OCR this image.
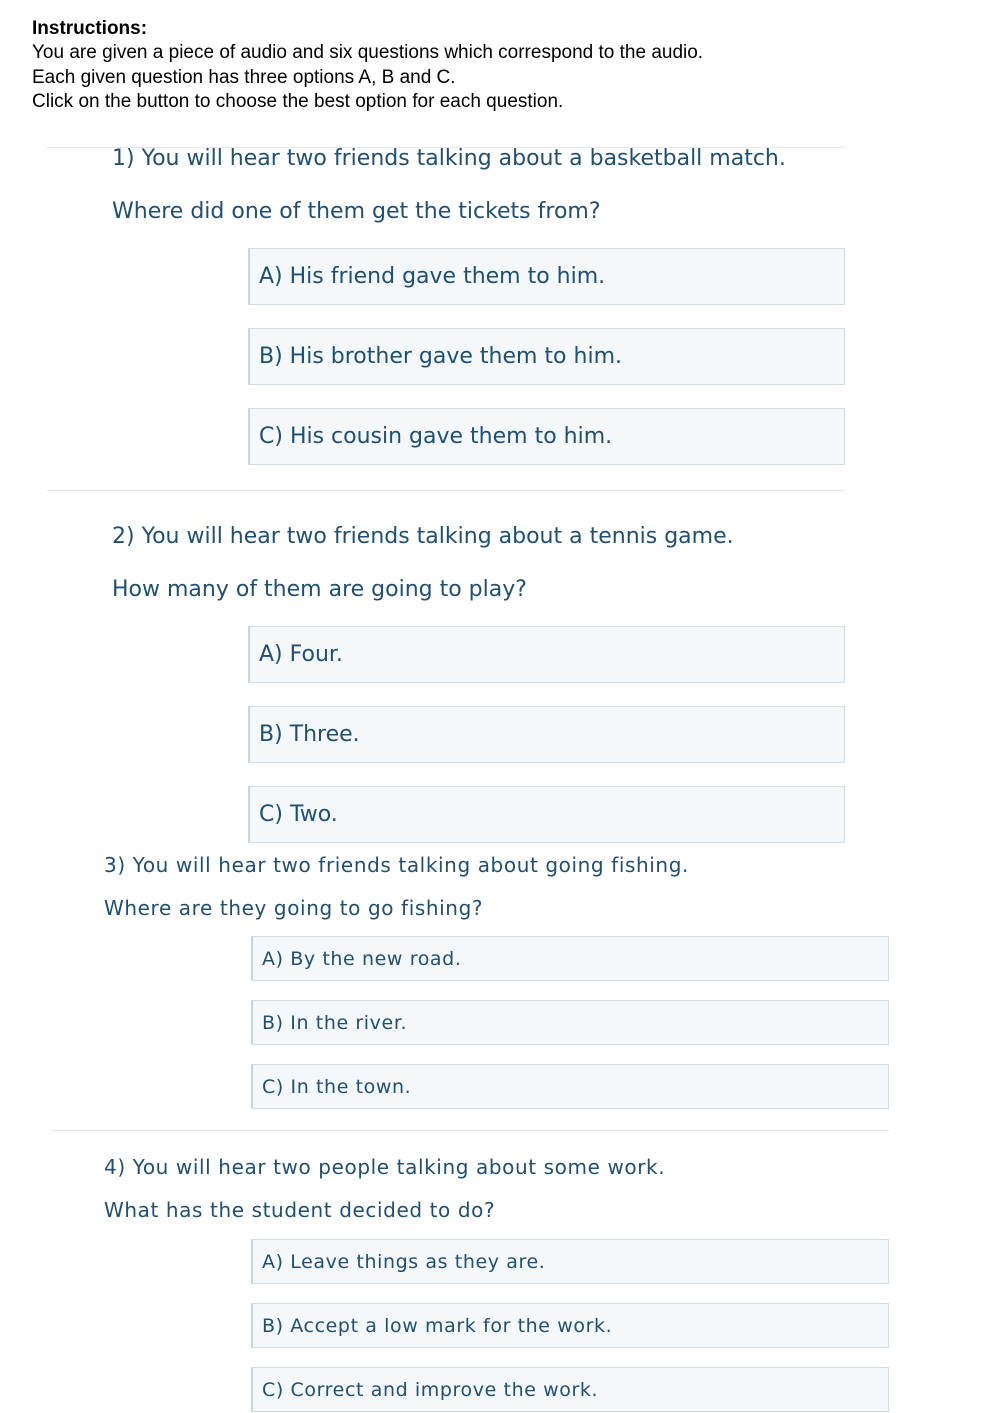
Instructions:
You are given a piece of audio and six questions which correspond to the audio.
Each given question has three options A, B and C.
Click on the button to choose the best option for each question.
1) You will hear two friends talking about a basketball match.
Where did one of them get the tickets from?
A) His friend gave them to him.
B) His brother gave them to him.
C) His cousin gave them to him.
2) You will hear two friends talking about a tennis game.
How many of them are going to play?
A) Four.
B) Three.
C) Two.
3) You will hear two friends talking about going fishing.
Where are they going to go fishing?
A) By the new road.
B) In the river.
C) In the town.
4) You will hear two people talking about some work.
What has the student decided to do?
A) Leave things as they are.
B) Accept a low mark for the work.
C) Correct and improve the work.
